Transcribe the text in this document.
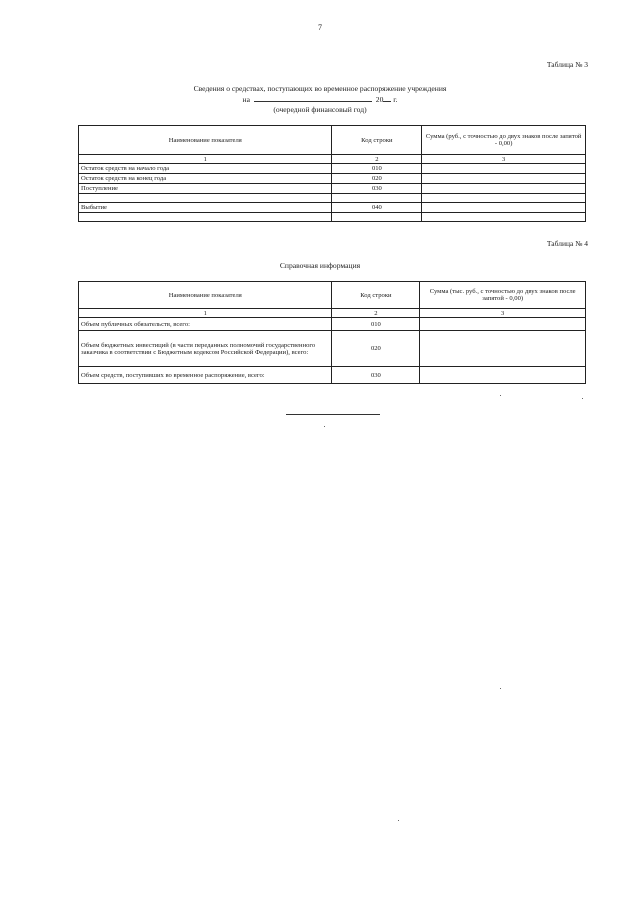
7
Таблица № 3
Сведения о средствах, поступающих во временное распоряжение учреждения
на	20 г.
(очередной финансовый год)
Наименование показателя	Код строки	Сумма (руб., с точностью до двух знаков после запятой - 0,00)
1	2	3
Остаток средств на начало года	010	
Остаток средств на конец года	020	
Поступление	030	

Выбытие	040	

Таблица № 4
Справочная информация
Наименование показателя	Код строки	Сумма (тыс. руб., с точностью до двух знаков после запятой - 0,00)
1	2	3
Объем публичных обязательств, всего:	010	
Объем бюджетных инвестиций (в части переданных полномочий государственного заказчика в соответствии с Бюджетным кодексом Российской Федерации), всего:	020	
Объем средств, поступивших во временное распоряжение, всего:	030	
